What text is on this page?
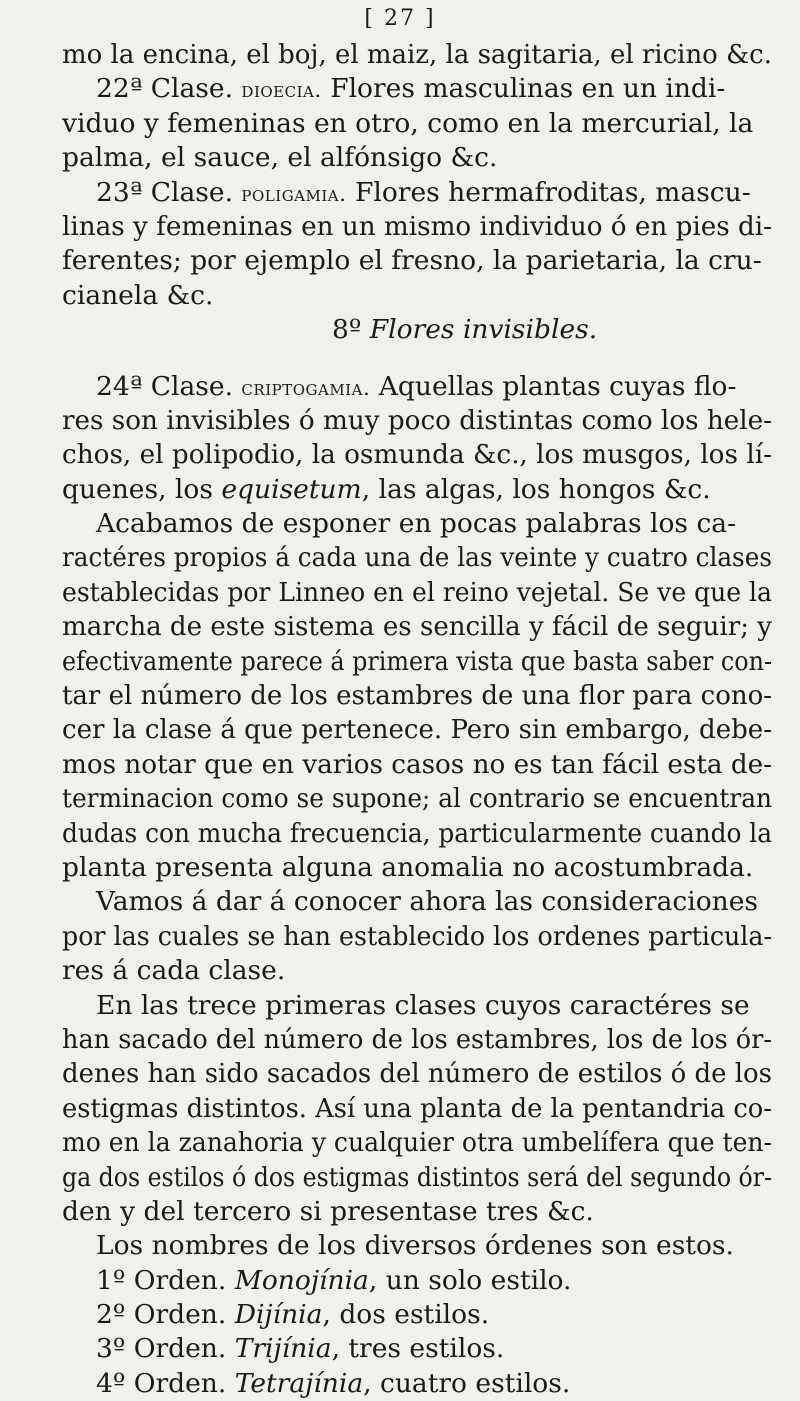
[ 27 ]
mo la encina, el boj, el maiz, la sagitaria, el ricino &c.
22ª Clase. dioecia. Flores masculinas en un indi-
viduo y femeninas en otro, como en la mercurial, la
palma, el sauce, el alfónsigo &c.
23ª Clase. poligamia. Flores hermafroditas, mascu-
linas y femeninas en un mismo individuo ó en pies di-
ferentes; por ejemplo el fresno, la parietaria, la cru-
cianela &c.
8º Flores invisibles.
24ª Clase. criptogamia. Aquellas plantas cuyas flo-
res son invisibles ó muy poco distintas como los hele-
chos, el polipodio, la osmunda &c., los musgos, los lí-
quenes, los equisetum, las algas, los hongos &c.
Acabamos de esponer en pocas palabras los ca-
ractéres propios á cada una de las veinte y cuatro clases
establecidas por Linneo en el reino vejetal. Se ve que la
marcha de este sistema es sencilla y fácil de seguir; y
efectivamente parece á primera vista que basta saber con-
tar el número de los estambres de una flor para cono-
cer la clase á que pertenece. Pero sin embargo, debe-
mos notar que en varios casos no es tan fácil esta de-
terminacion como se supone; al contrario se encuentran
dudas con mucha frecuencia, particularmente cuando la
planta presenta alguna anomalia no acostumbrada.
Vamos á dar á conocer ahora las consideraciones
por las cuales se han establecido los ordenes particula-
res á cada clase.
En las trece primeras clases cuyos caractéres se
han sacado del número de los estambres, los de los ór-
denes han sido sacados del número de estilos ó de los
estigmas distintos. Así una planta de la pentandria co-
mo en la zanahoria y cualquier otra umbelífera que ten-
ga dos estilos ó dos estigmas distintos será del segundo ór-
den y del tercero si presentase tres &c.
Los nombres de los diversos órdenes son estos.
1º Orden. Monojínia, un solo estilo.
2º Orden. Dijínia, dos estilos.
3º Orden. Trijínia, tres estilos.
4º Orden. Tetrajínia, cuatro estilos.
